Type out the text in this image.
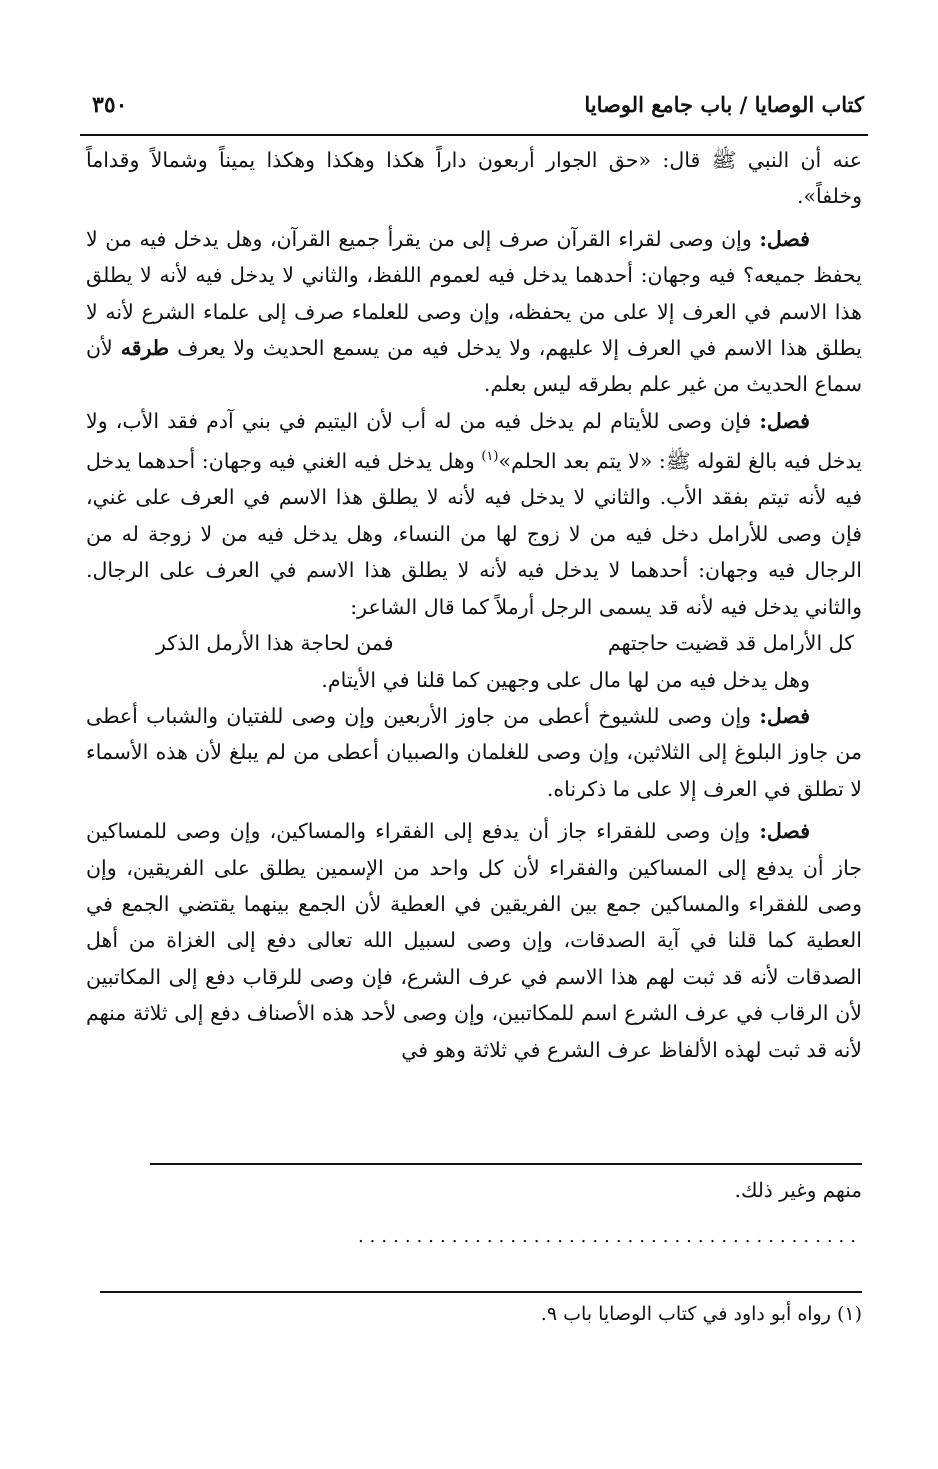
كتاب الوصايا / باب جامع الوصايا
٣٥٠

عنه أن النبي ﷺ قال: «حق الجوار أربعون داراً هكذا وهكذا وهكذا يميناً وشمالاً وقداماً وخلفاً».

فصل: وإن وصى لقراء القرآن صرف إلى من يقرأ جميع القرآن، وهل يدخل فيه من لا يحفظ جميعه؟ فيه وجهان: أحدهما يدخل فيه لعموم اللفظ، والثاني لا يدخل فيه لأنه لا يطلق هذا الاسم في العرف إلا على من يحفظه، وإن وصى للعلماء صرف إلى علماء الشرع لأنه لا يطلق هذا الاسم في العرف إلا عليهم، ولا يدخل فيه من يسمع الحديث ولا يعرف طرقه لأن سماع الحديث من غير علم بطرقه ليس بعلم.

فصل: فإن وصى للأيتام لم يدخل فيه من له أب لأن اليتيم في بني آدم فقد الأب، ولا يدخل فيه بالغ لقوله ﷺ: «لا يتم بعد الحلم»$^{(١)}$ وهل يدخل فيه الغني فيه وجهان: أحدهما يدخل فيه لأنه تيتم بفقد الأب. والثاني لا يدخل فيه لأنه لا يطلق هذا الاسم في العرف على غني، فإن وصى للأرامل دخل فيه من لا زوج لها من النساء، وهل يدخل فيه من لا زوجة له من الرجال فيه وجهان: أحدهما لا يدخل فيه لأنه لا يطلق هذا الاسم في العرف على الرجال. والثاني يدخل فيه لأنه قد يسمى الرجل أرملاً كما قال الشاعر:

كل الأرامل قد قضيت حاجتهم
فمن لحاجة هذا الأرمل الذكر

وهل يدخل فيه من لها مال على وجهين كما قلنا في الأيتام.

فصل: وإن وصى للشيوخ أعطى من جاوز الأربعين وإن وصى للفتيان والشباب أعطى من جاوز البلوغ إلى الثلاثين، وإن وصى للغلمان والصبيان أعطى من لم يبلغ لأن هذه الأسماء لا تطلق في العرف إلا على ما ذكرناه.

فصل: وإن وصى للفقراء جاز أن يدفع إلى الفقراء والمساكين، وإن وصى للمساكين جاز أن يدفع إلى المساكين والفقراء لأن كل واحد من الإسمين يطلق على الفريقين، وإن وصى للفقراء والمساكين جمع بين الفريقين في العطية لأن الجمع بينهما يقتضي الجمع في العطية كما قلنا في آية الصدقات، وإن وصى لسبيل الله تعالى دفع إلى الغزاة من أهل الصدقات لأنه قد ثبت لهم هذا الاسم في عرف الشرع، فإن وصى للرقاب دفع إلى المكاتبين لأن الرقاب في عرف الشرع اسم للمكاتبين، وإن وصى لأحد هذه الأصناف دفع إلى ثلاثة منهم لأنه قد ثبت لهذه الألفاظ عرف الشرع في ثلاثة وهو في

منهم وغير ذلك.
...........................................
(١) رواه أبو داود في كتاب الوصايا باب ٩.
